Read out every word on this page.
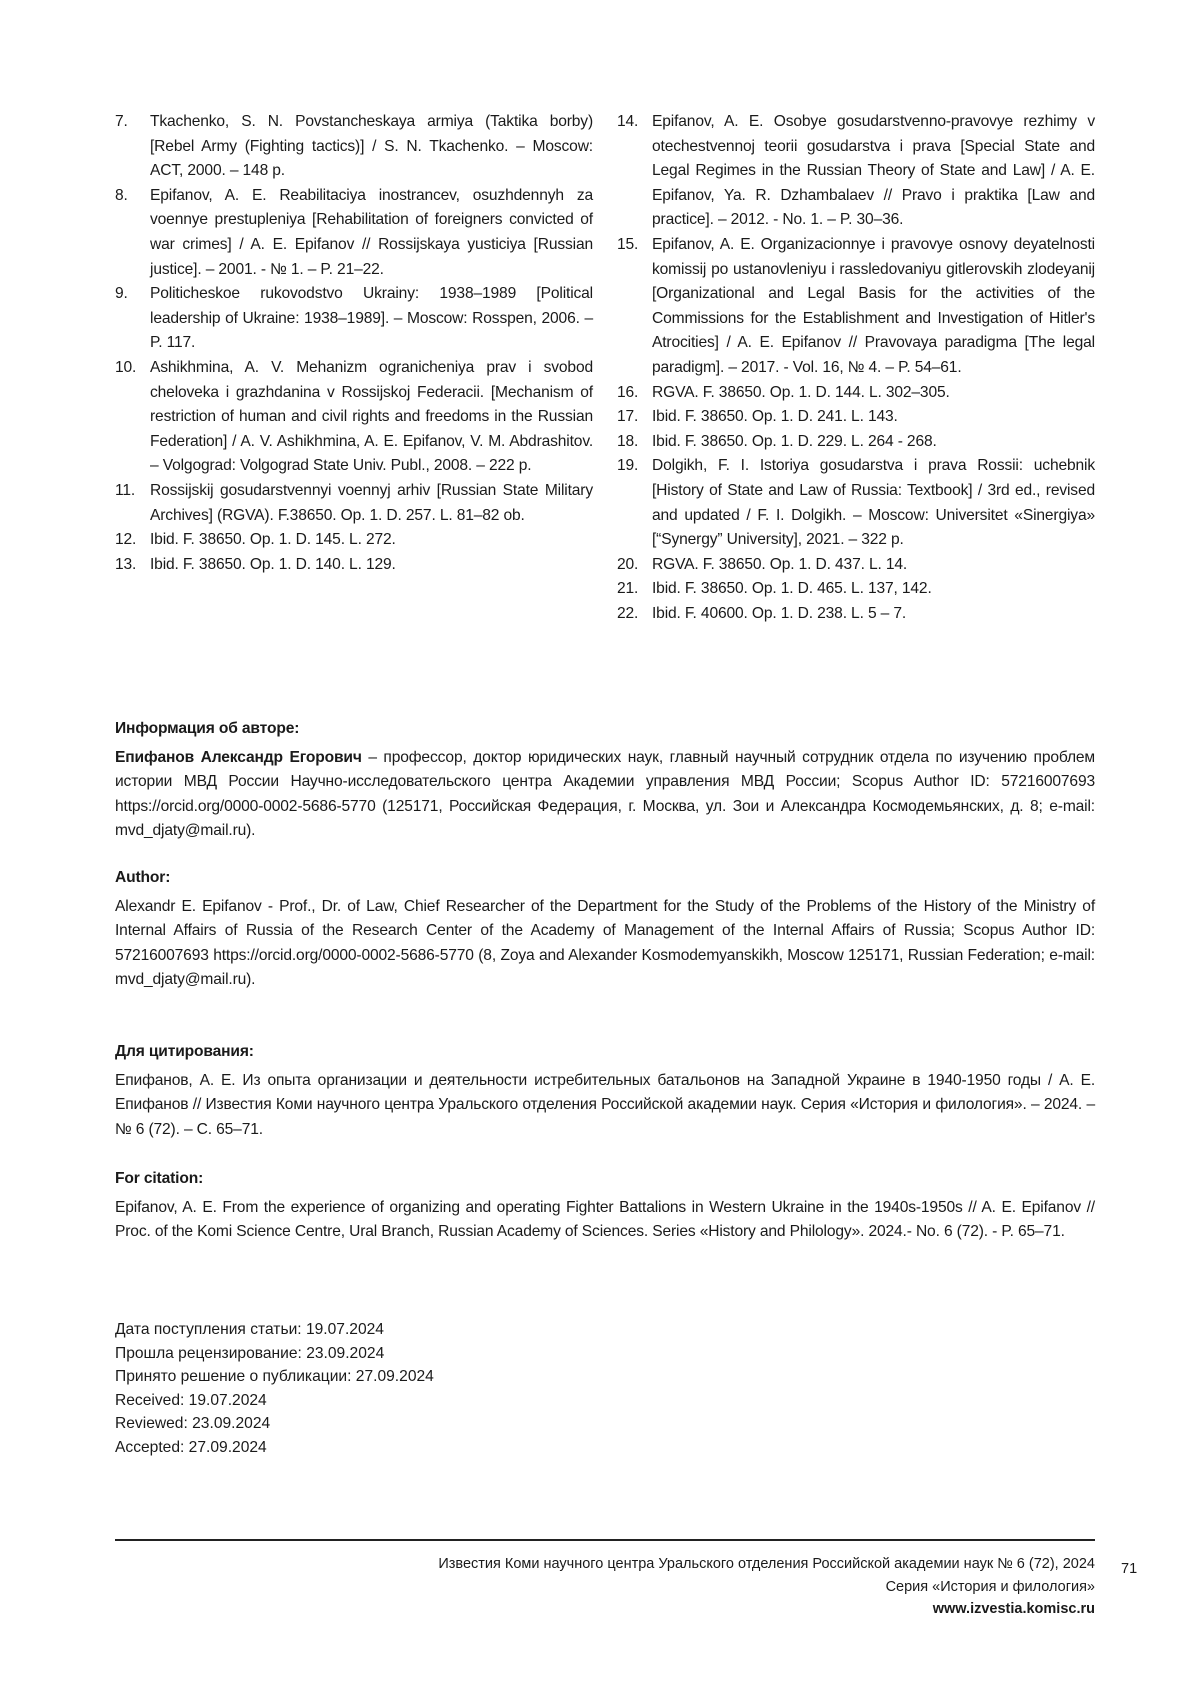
7.	Tkachenko, S. N. Povstancheskaya armiya (Taktika borby) [Rebel Army (Fighting tactics)] / S. N. Tkachenko. – Moscow: ACT, 2000. – 148 p.
8.	Epifanov, A. E. Reabilitaciya inostrancev, osuzhdennyh za voennye prestupleniya [Rehabilitation of foreigners convicted of war crimes] / A. E. Epifanov // Rossijskaya yusticiya [Russian justice]. – 2001. - № 1. – P. 21–22.
9.	Politicheskoe rukovodstvo Ukrainy: 1938–1989 [Political leadership of Ukraine: 1938–1989]. – Moscow: Rosspen, 2006. – P. 117.
10. Ashikhmina, A. V. Mehanizm ogranicheniya prav i svobod cheloveka i grazhdanina v Rossijskoj Federacii. [Mechanism of restriction of human and civil rights and freedoms in the Russian Federation] / A. V. Ashikhmina, A. E. Epifanov, V. M. Abdrashitov. – Volgograd: Volgograd State Univ. Publ., 2008. – 222 p.
11. Rossijskij gosudarstvennyi voennyj arhiv [Russian State Military Archives] (RGVA). F.38650. Op. 1. D. 257. L. 81–82 ob.
12. Ibid. F. 38650. Op. 1. D. 145. L. 272.
13. Ibid. F. 38650. Op. 1. D. 140. L. 129.
14. Epifanov, A. E. Osobye gosudarstvenno-pravovye rezhimy v otechestvennoj teorii gosudarstva i prava [Special State and Legal Regimes in the Russian Theory of State and Law] / A. E. Epifanov, Ya. R. Dzhambalaev // Pravo i praktika [Law and practice]. – 2012. - No. 1. – P. 30–36.
15. Epifanov, A. E. Organizacionnye i pravovye osnovy deyatelnosti komissij po ustanovleniyu i rassledovaniyu gitlerovskih zlodeyanij [Organizational and Legal Basis for the activities of the Commissions for the Establishment and Investigation of Hitler's Atrocities] / A. E. Epifanov // Pravovaya paradigma [The legal paradigm]. – 2017. - Vol. 16, № 4. – P. 54–61.
16. RGVA. F. 38650. Op. 1. D. 144. L. 302–305.
17. Ibid. F. 38650. Op. 1. D. 241. L. 143.
18. Ibid. F. 38650. Op. 1. D. 229. L. 264 - 268.
19. Dolgikh, F. I. Istoriya gosudarstva i prava Rossii: uchebnik [History of State and Law of Russia: Textbook] / 3rd ed., revised and updated / F. I. Dolgikh. – Moscow: Universitet «Sinergiya» [“Synergy” University], 2021. – 322 p.
20. RGVA. F. 38650. Op. 1. D. 437. L. 14.
21. Ibid. F. 38650. Op. 1. D. 465. L. 137, 142.
22. Ibid. F. 40600. Op. 1. D. 238. L. 5 – 7.
Информация об авторе:

Епифанов Александр Егорович – профессор, доктор юридических наук, главный научный сотрудник отдела по изучению проблем истории МВД России Научно-исследовательского центра Академии управления МВД России; Scopus Author ID: 57216007693 https://orcid.org/0000-0002-5686-5770 (125171, Российская Федерация, г. Москва, ул. Зои и Александра Космодемьянских, д. 8; e-mail: mvd_djaty@mail.ru).

Author:

Alexandr E. Epifanov - Prof., Dr. of Law, Chief Researcher of the Department for the Study of the Problems of the History of the Ministry of Internal Affairs of Russia of the Research Center of the Academy of Management of the Internal Affairs of Russia; Scopus Author ID: 57216007693 https://orcid.org/0000-0002-5686-5770 (8, Zoya and Alexander Kosmodemyanskikh, Moscow 125171, Russian Federation; e-mail: mvd_djaty@mail.ru).

Для цитирования:

Епифанов, А. Е. Из опыта организации и деятельности истребительных батальонов на Западной Украине в 1940-1950 годы / А. Е. Епифанов // Известия Коми научного центра Уральского отделения Российской академии наук. Серия «История и филология». – 2024. – № 6 (72). – С. 65–71.

For citation:

Epifanov, A. E. From the experience of organizing and operating Fighter Battalions in Western Ukraine in the 1940s-1950s // A. E. Epifanov // Proc. of the Komi Science Centre, Ural Branch, Russian Academy of Sciences. Series «History and Philology». 2024.- No. 6 (72). - P. 65–71.

Дата поступления статьи: 19.07.2024
Прошла рецензирование: 23.09.2024
Принято решение о публикации: 27.09.2024
Received: 19.07.2024
Reviewed: 23.09.2024
Accepted: 27.09.2024
Известия Коми научного центра Уральского отделения Российской академии наук № 6 (72), 2024
Серия «История и филология»
www.izvestia.komisc.ru
71
